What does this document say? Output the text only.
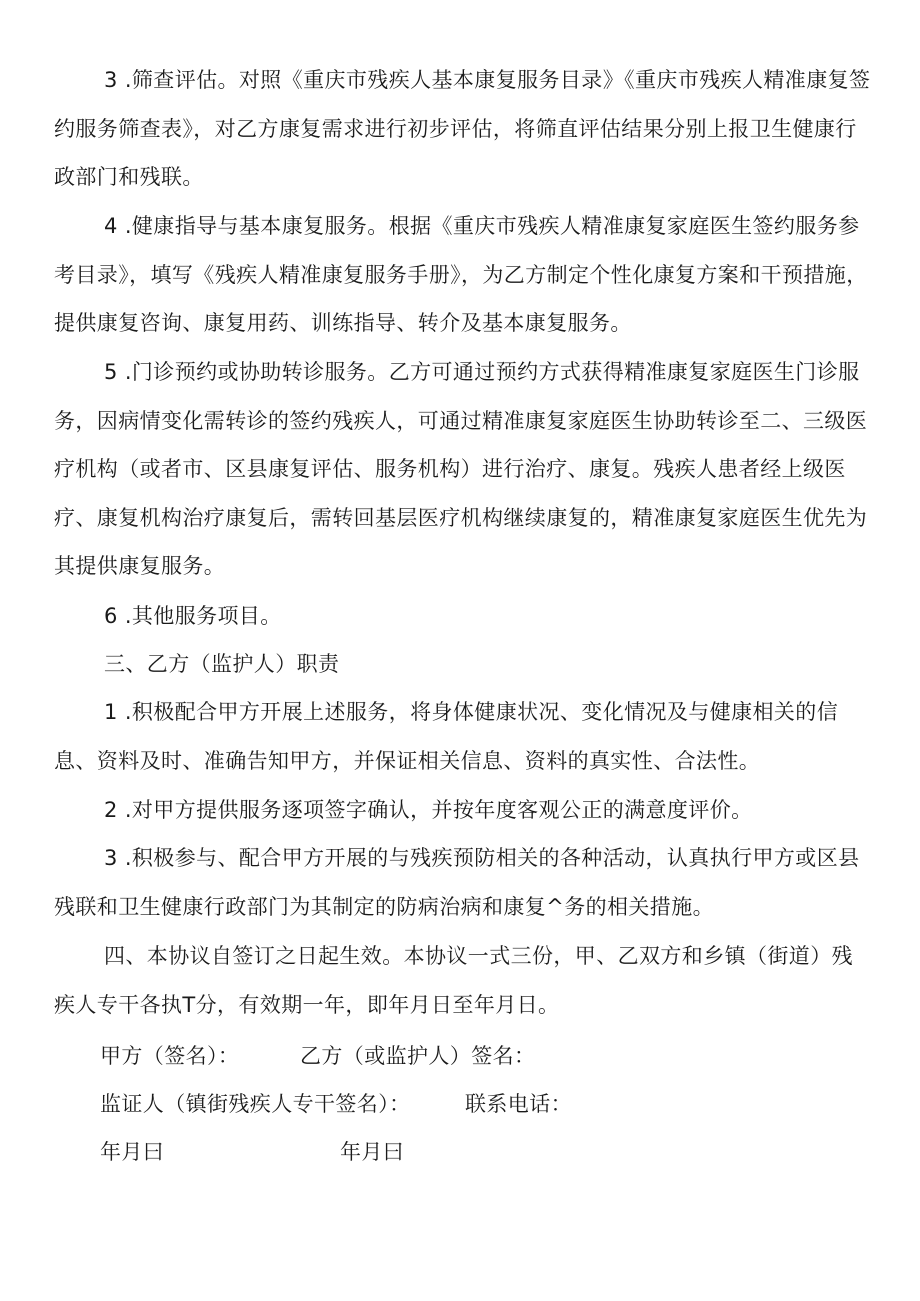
3 .筛查评估。对照《重庆市残疾人基本康复服务目录》《重庆市残疾人精准康复签约服务筛查表》，对乙方康复需求进行初步评估，将筛直评估结果分别上报卫生健康行政部门和残联。

4 .健康指导与基本康复服务。根据《重庆市残疾人精准康复家庭医生签约服务参考目录》，填写《残疾人精准康复服务手册》，为乙方制定个性化康复方案和干预措施，提供康复咨询、康复用药、训练指导、转介及基本康复服务。

5 .门诊预约或协助转诊服务。乙方可通过预约方式获得精准康复家庭医生门诊服务，因病情变化需转诊的签约残疾人，可通过精准康复家庭医生协助转诊至二、三级医疗机构（或者市、区县康复评估、服务机构）进行治疗、康复。残疾人患者经上级医疗、康复机构治疗康复后，需转回基层医疗机构继续康复的，精准康复家庭医生优先为其提供康复服务。

6 .其他服务项目。

三、乙方（监护人）职责

1 .积极配合甲方开展上述服务，将身体健康状况、变化情况及与健康相关的信息、资料及时、准确告知甲方，并保证相关信息、资料的真实性、合法性。

2 .对甲方提供服务逐项签字确认，并按年度客观公正的满意度评价。

3 .积极参与、配合甲方开展的与残疾预防相关的各种活动，认真执行甲方或区县残联和卫生健康行政部门为其制定的防病治病和康复^务的相关措施。

四、本协议自签订之日起生效。本协议一式三份，甲、乙双方和乡镇（街道）残疾人专干各执T分，有效期一年，即年月日至年月日。

甲方（签名）：	乙方（或监护人）签名：

监证人（镇街残疾人专干签名）：	联系电话：

年月曰	年月曰
